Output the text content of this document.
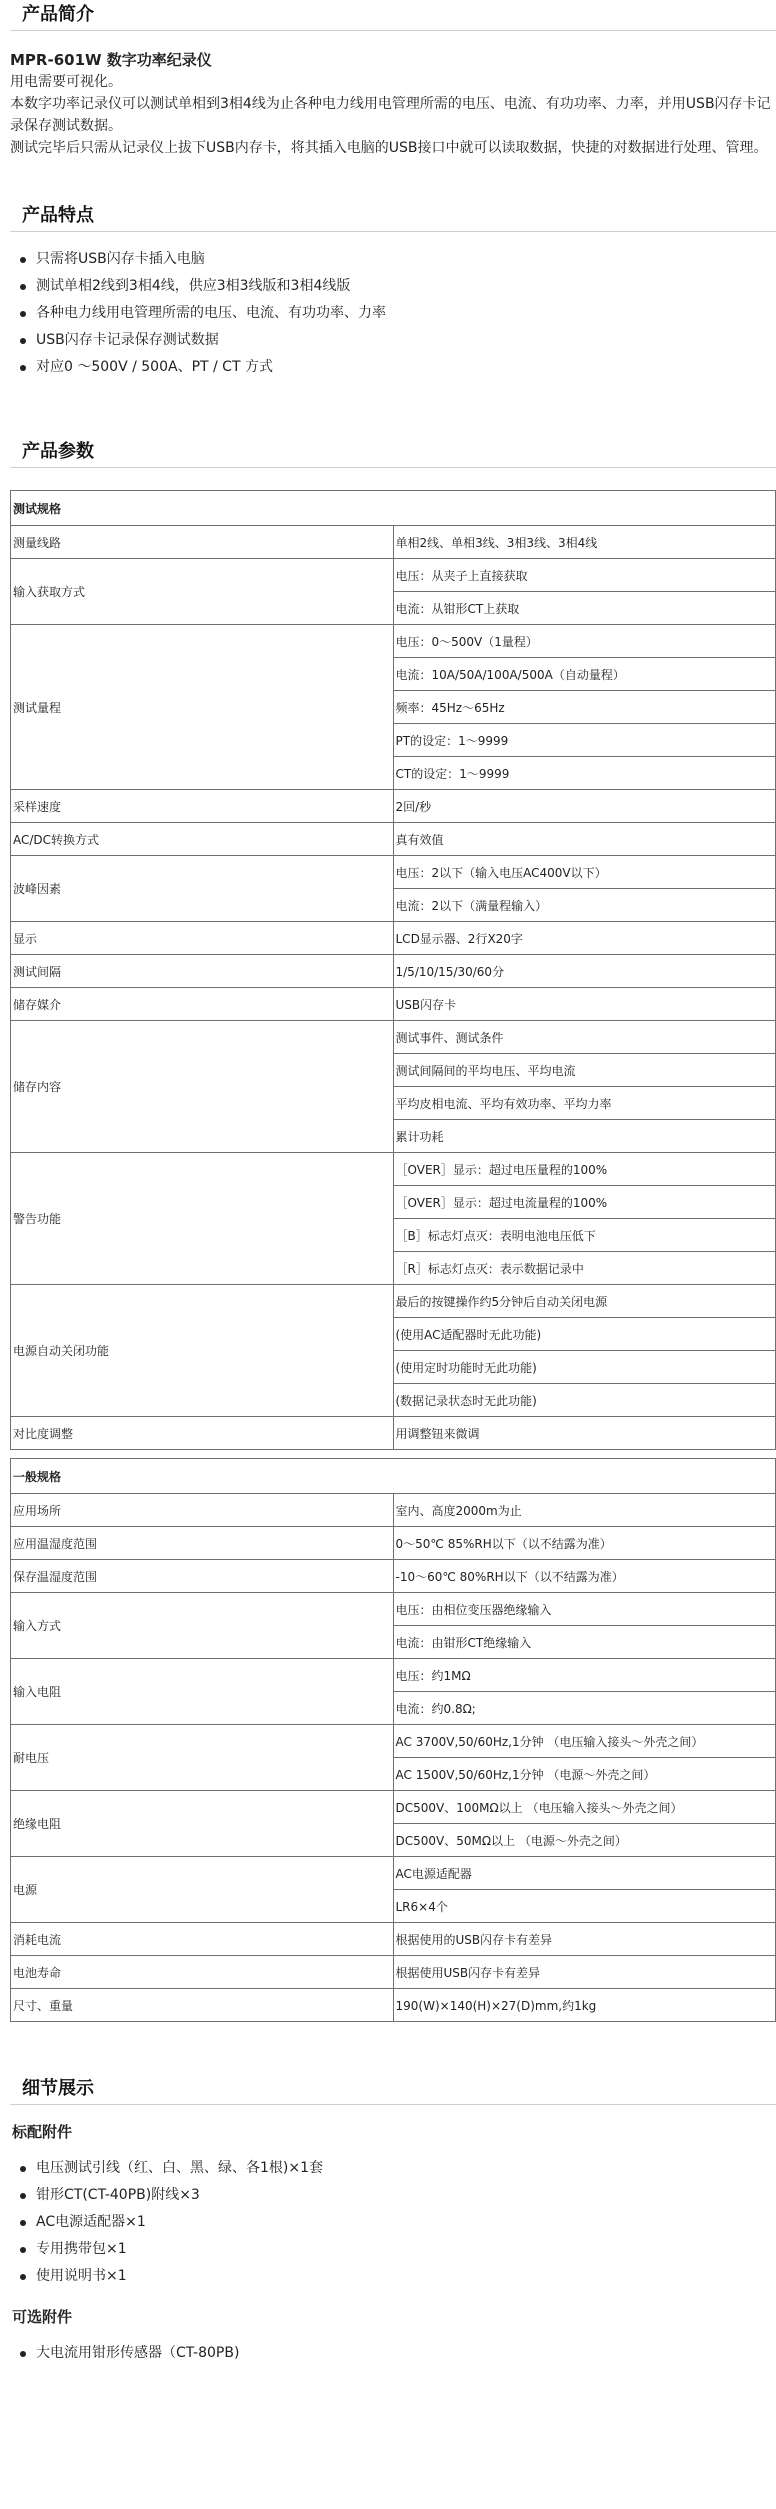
产品简介
MPR-601W 数字功率纪录仪

用电需要可视化。

本数字功率记录仪可以测试单相到3相4线为止各种电力线用电管理所需的电压、电流、有功功率、力率，并用USB闪存卡记录保存测试数据。

测试完毕后只需从记录仪上拔下USB内存卡，将其插入电脑的USB接口中就可以读取数据，快捷的对数据进行处理、管理。

产品特点
只需将USB闪存卡插入电脑
测试单相2线到3相4线，供应3相3线版和3相4线版
各种电力线用电管理所需的电压、电流、有功功率、力率
USB闪存卡记录保存测试数据
对应0 ～500V / 500A、PT / CT 方式
产品参数
测试规格	
测量线路	单相2线、单相3线、3相3线、3相4线
输入获取方式	电压：从夹子上直接获取
	电流：从钳形CT上获取
测试量程	电压：0～500V（1量程）
	电流：10A/50A/100A/500A（自动量程）
	频率：45Hz～65Hz
	PT的设定：1～9999
	CT的设定：1～9999
采样速度	2回/秒
AC/DC转换方式	真有效值
波峰因素	电压：2以下（输入电压AC400V以下）
	电流：2以下（满量程输入）
显示	LCD显示器、2行X20字
测试间隔	1/5/10/15/30/60分
储存媒介	USB闪存卡
储存内容	测试事件、测试条件
	测试间隔间的平均电压、平均电流
	平均皮相电流、平均有效功率、平均力率
	累计功耗
警告功能	［OVER］显示：超过电压量程的100%
	［OVER］显示：超过电流量程的100%
	［B］标志灯点灭：表明电池电压低下
	［R］标志灯点灭：表示数据记录中
电源自动关闭功能	最后的按键操作约5分钟后自动关闭电源
	(使用AC适配器时无此功能)
	(使用定时功能时无此功能)
	(数据记录状态时无此功能)
对比度调整	用调整钮来微调
一般规格	
应用场所	室内、高度2000m为止
应用温湿度范围	0～50℃ 85%RH以下（以不结露为准）
保存温湿度范围	-10～60℃ 80%RH以下（以不结露为准）
输入方式	电压：由相位变压器绝缘输入
	电流：由钳形CT绝缘输入
输入电阻	电压：约1MΩ
	电流：约0.8Ω;
耐电压	AC 3700V,50/60Hz,1分钟 （电压输入接头～外壳之间）
	AC 1500V,50/60Hz,1分钟 （电源～外壳之间）
绝缘电阻	DC500V、100MΩ以上 （电压输入接头～外壳之间）
	DC500V、50MΩ以上 （电源～外壳之间）
电源	AC电源适配器
	LR6×4个
消耗电流	根据使用的USB闪存卡有差异
电池寿命	根据使用USB闪存卡有差异
尺寸、重量	190(W)×140(H)×27(D)mm,约1kg
细节展示
标配附件
电压测试引线（红、白、黑、绿、各1根)×1套
钳形CT(CT-40PB)附线×3
AC电源适配器×1
专用携带包×1
使用说明书×1
可选附件
大电流用钳形传感器（CT-80PB)
